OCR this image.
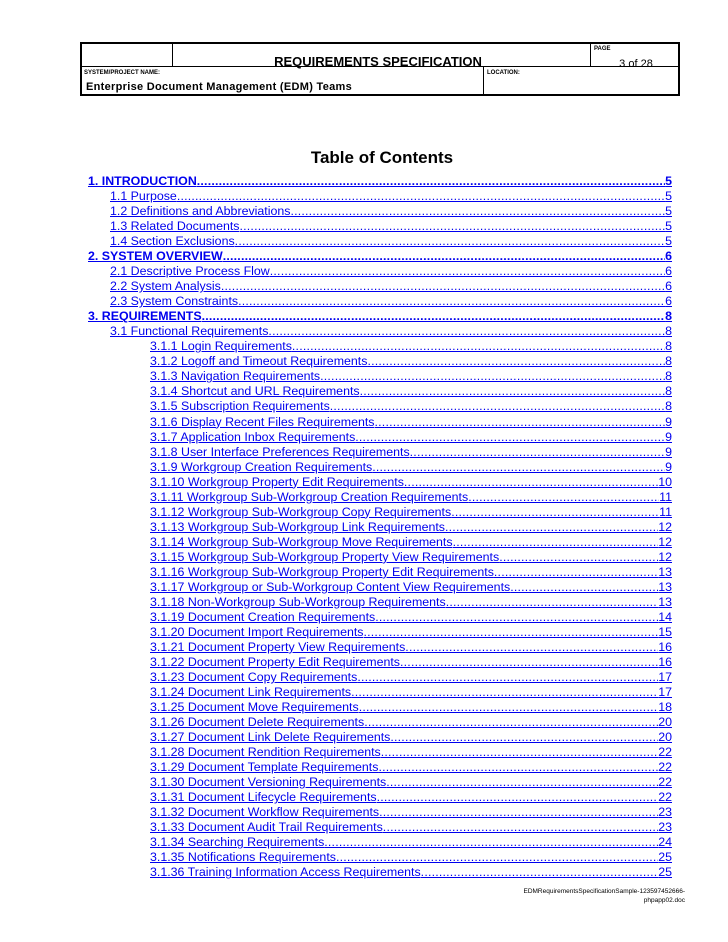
PAGE
REQUIREMENTS SPECIFICATION	3 of 28
SYSTEM/PROJECT NAME:
Enterprise Document Management (EDM) Teams
LOCATION:
Table of Contents
1. INTRODUCTION .....	5
1.1 Purpose .....	5
1.2 Definitions and Abbreviations .....	5
1.3 Related Documents .....	5
1.4 Section Exclusions .....	5
2. SYSTEM OVERVIEW .....	6
2.1 Descriptive Process Flow .....	6
2.2 System Analysis .....	6
2.3 System Constraints .....	6
3. REQUIREMENTS .....	8
3.1 Functional Requirements .....	8
3.1.1 Login Requirements .....	8
3.1.2 Logoff and Timeout Requirements .....	8
3.1.3 Navigation Requirements .....	8
3.1.4 Shortcut and URL Requirements .....	8
3.1.5 Subscription Requirements .....	8
3.1.6 Display Recent Files Requirements .....	9
3.1.7 Application Inbox Requirements .....	9
3.1.8 User Interface Preferences Requirements .....	9
3.1.9 Workgroup Creation Requirements .....	9
3.1.10 Workgroup Property Edit Requirements .....	10
3.1.11 Workgroup Sub-Workgroup Creation Requirements .....	11
3.1.12 Workgroup Sub-Workgroup Copy Requirements .....	11
3.1.13 Workgroup Sub-Workgroup Link Requirements .....	12
3.1.14 Workgroup Sub-Workgroup Move Requirements .....	12
3.1.15 Workgroup Sub-Workgroup Property View Requirements .....	12
3.1.16 Workgroup Sub-Workgroup Property Edit Requirements .....	13
3.1.17 Workgroup or Sub-Workgroup Content View Requirements .....	13
3.1.18 Non-Workgroup Sub-Workgroup Requirements .....	13
3.1.19 Document Creation Requirements .....	14
3.1.20 Document Import Requirements .....	15
3.1.21 Document Property View Requirements .....	16
3.1.22 Document Property Edit Requirements .....	16
3.1.23 Document Copy Requirements .....	17
3.1.24 Document Link Requirements .....	17
3.1.25 Document Move Requirements .....	18
3.1.26 Document Delete Requirements .....	20
3.1.27 Document Link Delete Requirements .....	20
3.1.28 Document Rendition Requirements .....	22
3.1.29 Document Template Requirements .....	22
3.1.30 Document Versioning Requirements .....	22
3.1.31 Document Lifecycle Requirements .....	22
3.1.32 Document Workflow Requirements .....	23
3.1.33 Document Audit Trail Requirements .....	23
3.1.34 Searching Requirements .....	24
3.1.35 Notifications Requirements .....	25
3.1.36 Training Information Access Requirements .....	25
EDMRequirementsSpecificationSample-123597452666-
phpapp02.doc
